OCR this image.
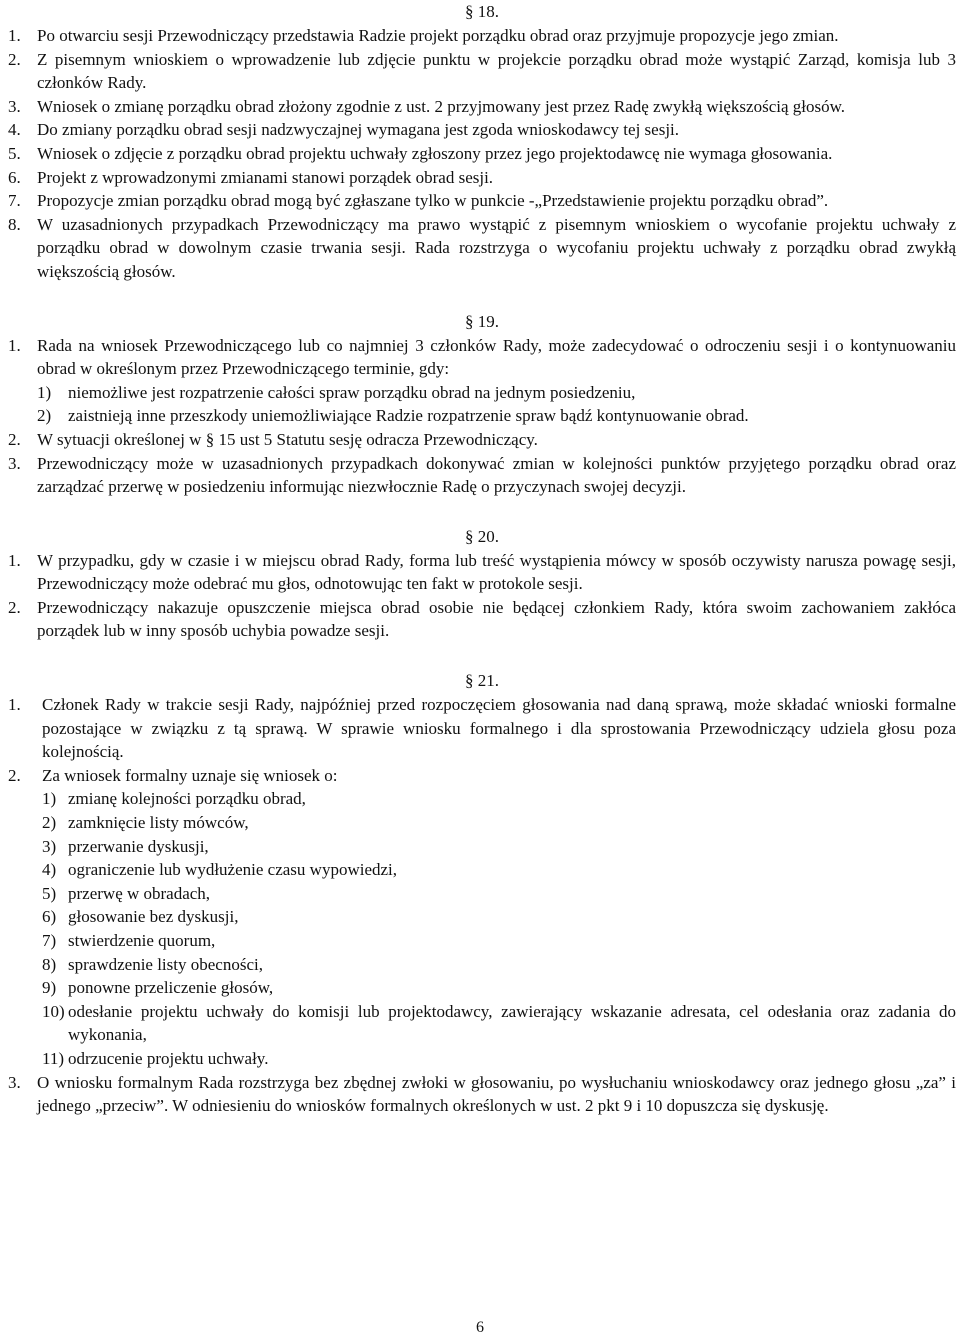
§ 18.

1. Po otwarciu sesji Przewodniczący przedstawia Radzie projekt porządku obrad oraz przyjmuje propozycje jego zmian.
2. Z pisemnym wnioskiem o wprowadzenie lub zdjęcie punktu w projekcie porządku obrad może wystąpić Zarząd, komisja lub 3 członków Rady.
3. Wniosek o zmianę porządku obrad złożony zgodnie z ust. 2 przyjmowany jest przez Radę zwykłą większością głosów.
4. Do zmiany porządku obrad sesji nadzwyczajnej wymagana jest zgoda wnioskodawcy tej sesji.
5. Wniosek o zdjęcie z porządku obrad projektu uchwały zgłoszony przez jego projektodawcę nie wymaga głosowania.
6. Projekt z wprowadzonymi zmianami stanowi porządek obrad sesji.
7. Propozycje zmian porządku obrad mogą być zgłaszane tylko w punkcie -„Przedstawienie projektu porządku obrad”.
8. W uzasadnionych przypadkach Przewodniczący ma prawo wystąpić z pisemnym wnioskiem o wycofanie projektu uchwały z porządku obrad w dowolnym czasie trwania sesji. Rada rozstrzyga o wycofaniu projektu uchwały z porządku obrad zwykłą większością głosów.

§ 19.

1. Rada na wniosek Przewodniczącego lub co najmniej 3 członków Rady, może zadecydować o odroczeniu sesji i o kontynuowaniu obrad w określonym przez Przewodniczącego terminie, gdy:
1) niemożliwe jest rozpatrzenie całości spraw porządku obrad na jednym posiedzeniu,
2) zaistnieją inne przeszkody uniemożliwiające Radzie rozpatrzenie spraw bądź kontynuowanie obrad.
2. W sytuacji określonej w § 15 ust 5 Statutu sesję odracza Przewodniczący.
3. Przewodniczący może w uzasadnionych przypadkach dokonywać zmian w kolejności punktów przyjętego porządku obrad oraz zarządzać przerwę w posiedzeniu informując niezwłocznie Radę o przyczynach swojej decyzji.

§ 20.

1. W przypadku, gdy w czasie i w miejscu obrad Rady, forma lub treść wystąpienia mówcy w sposób oczywisty narusza powagę sesji, Przewodniczący może odebrać mu głos, odnotowując ten fakt w protokole sesji.
2. Przewodniczący nakazuje opuszczenie miejsca obrad osobie nie będącej członkiem Rady, która swoim zachowaniem zakłóca porządek lub w inny sposób uchybia powadze sesji.

§ 21.

1.	Członek Rady w trakcie sesji Rady, najpóźniej przed rozpoczęciem głosowania nad daną sprawą, może składać wnioski formalne pozostające w związku z tą sprawą. W sprawie wniosku formalnego i dla sprostowania Przewodniczący udziela głosu poza kolejnością.
2.	Za wniosek formalny uznaje się wniosek o:
1) zmianę kolejności porządku obrad,
2) zamknięcie listy mówców,
3) przerwanie dyskusji,
4) ograniczenie lub wydłużenie czasu wypowiedzi,
5) przerwę w obradach,
6) głosowanie bez dyskusji,
7) stwierdzenie quorum,
8) sprawdzenie listy obecności,
9) ponowne przeliczenie głosów,
10) odesłanie projektu uchwały do komisji lub projektodawcy, zawierający wskazanie adresata, cel odesłania oraz zadania do wykonania,
11) odrzucenie projektu uchwały.
3. O wniosku formalnym Rada rozstrzyga bez zbędnej zwłoki w głosowaniu, po wysłuchaniu wnioskodawcy oraz jednego głosu „za” i jednego „przeciw”. W odniesieniu do wniosków formalnych określonych w ust. 2 pkt 9 i 10 dopuszcza się dyskusję.
6
